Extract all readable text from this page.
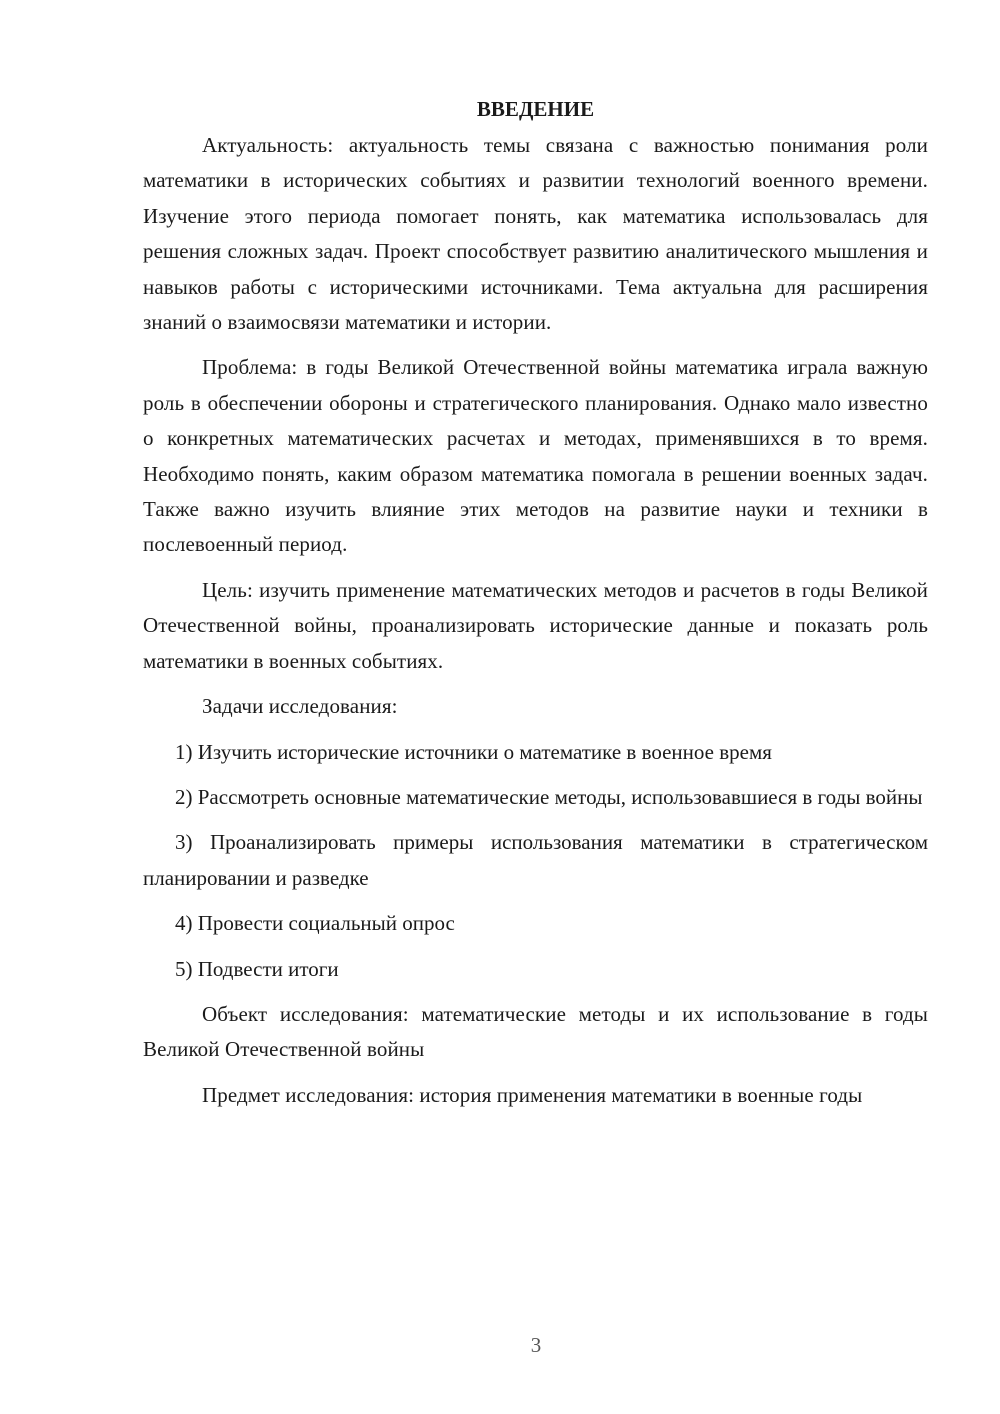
ВВЕДЕНИЕ

Актуальность: актуальность темы связана с важностью понимания роли математики в исторических событиях и развитии технологий военного времени. Изучение этого периода помогает понять, как математика использовалась для решения сложных задач. Проект способствует развитию аналитического мышления и навыков работы с историческими источниками. Тема актуальна для расширения знаний о взаимосвязи математики и истории.

Проблема: в годы Великой Отечественной войны математика играла важную роль в обеспечении обороны и стратегического планирования. Однако мало известно о конкретных математических расчетах и методах, применявшихся в то время. Необходимо понять, каким образом математика помогала в решении военных задач. Также важно изучить влияние этих методов на развитие науки и техники в послевоенный период.

Цель: изучить применение математических методов и расчетов в годы Великой Отечественной войны, проанализировать исторические данные и показать роль математики в военных событиях.

Задачи исследования:

1) Изучить исторические источники о математике в военное время

2) Рассмотреть основные математические методы, использовавшиеся в годы войны

3) Проанализировать примеры использования математики в стратегическом планировании и разведке

4) Провести социальный опрос

5) Подвести итоги

Объект исследования: математические методы и их использование в годы Великой Отечественной войны

Предмет исследования: история применения математики в военные годы

3
